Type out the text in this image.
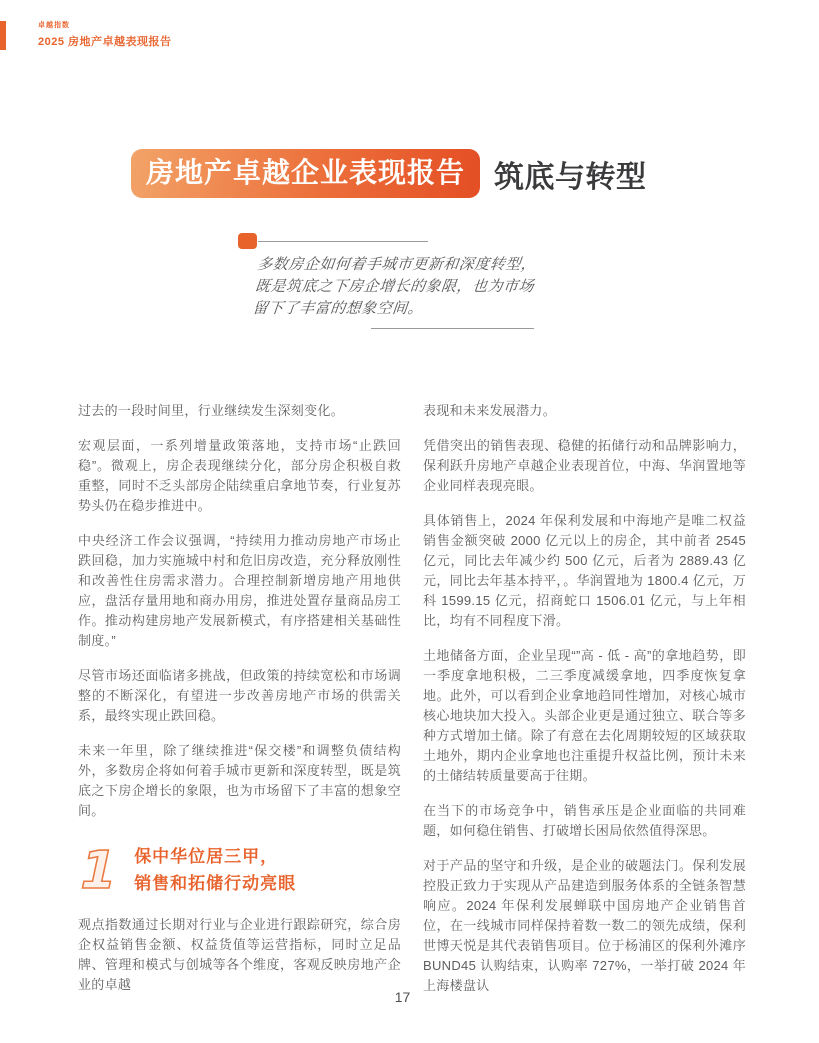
卓越指数
2025 房地产卓越表现报告
房地产卓越企业表现报告 筑底与转型

多数房企如何着手城市更新和深度转型，既是筑底之下房企增长的象限，也为市场留下了丰富的想象空间。

过去的一段时间里，行业继续发生深刻变化。

宏观层面，一系列增量政策落地，支持市场“止跌回稳”。微观上，房企表现继续分化，部分房企积极自救重整，同时不乏头部房企陆续重启拿地节奏，行业复苏势头仍在稳步推进中。

中央经济工作会议强调，“持续用力推动房地产市场止跌回稳，加力实施城中村和危旧房改造，充分释放刚性和改善性住房需求潜力。合理控制新增房地产用地供应，盘活存量用地和商办用房，推进处置存量商品房工作。推动构建房地产发展新模式，有序搭建相关基础性制度。”

尽管市场还面临诸多挑战，但政策的持续宽松和市场调整的不断深化，有望进一步改善房地产市场的供需关系，最终实现止跌回稳。

未来一年里，除了继续推进“保交楼”和调整负债结构外，多数房企将如何着手城市更新和深度转型，既是筑底之下房企增长的象限，也为市场留下了丰富的想象空间。

1 保中华位居三甲，
销售和拓储行动亮眼

观点指数通过长期对行业与企业进行跟踪研究，综合房企权益销售金额、权益货值等运营指标，同时立足品牌、管理和模式与创城等各个维度，客观反映房地产企业的卓越

表现和未来发展潜力。

凭借突出的销售表现、稳健的拓储行动和品牌影响力，保利跃升房地产卓越企业表现首位，中海、华润置地等企业同样表现亮眼。

具体销售上，2024 年保利发展和中海地产是唯二权益销售金额突破 2000 亿元以上的房企，其中前者 2545 亿元，同比去年减少约 500 亿元，后者为 2889.43 亿元，同比去年基本持平，。华润置地为 1800.4 亿元，万科 1599.15 亿元，招商蛇口 1506.01 亿元，与上年相比，均有不同程度下滑。

土地储备方面，企业呈现“”高 - 低 - 高”的拿地趋势，即一季度拿地积极，二三季度减缓拿地，四季度恢复拿地。此外，可以看到企业拿地趋同性增加，对核心城市核心地块加大投入。头部企业更是通过独立、联合等多种方式增加土储。除了有意在去化周期较短的区域获取土地外，期内企业拿地也注重提升权益比例，预计未来的土储结转质量要高于往期。

在当下的市场竞争中，销售承压是企业面临的共同难题，如何稳住销售、打破增长困局依然值得深思。

对于产品的坚守和升级，是企业的破题法门。保利发展控股正致力于实现从产品建造到服务体系的全链条智慧响应。2024 年保利发展蝉联中国房地产企业销售首位，在一线城市同样保持着数一数二的领先成绩，保利世博天悦是其代表销售项目。位于杨浦区的保利外滩序 BUND45 认购结束，认购率 727%，一举打破 2024 年上海楼盘认

17
